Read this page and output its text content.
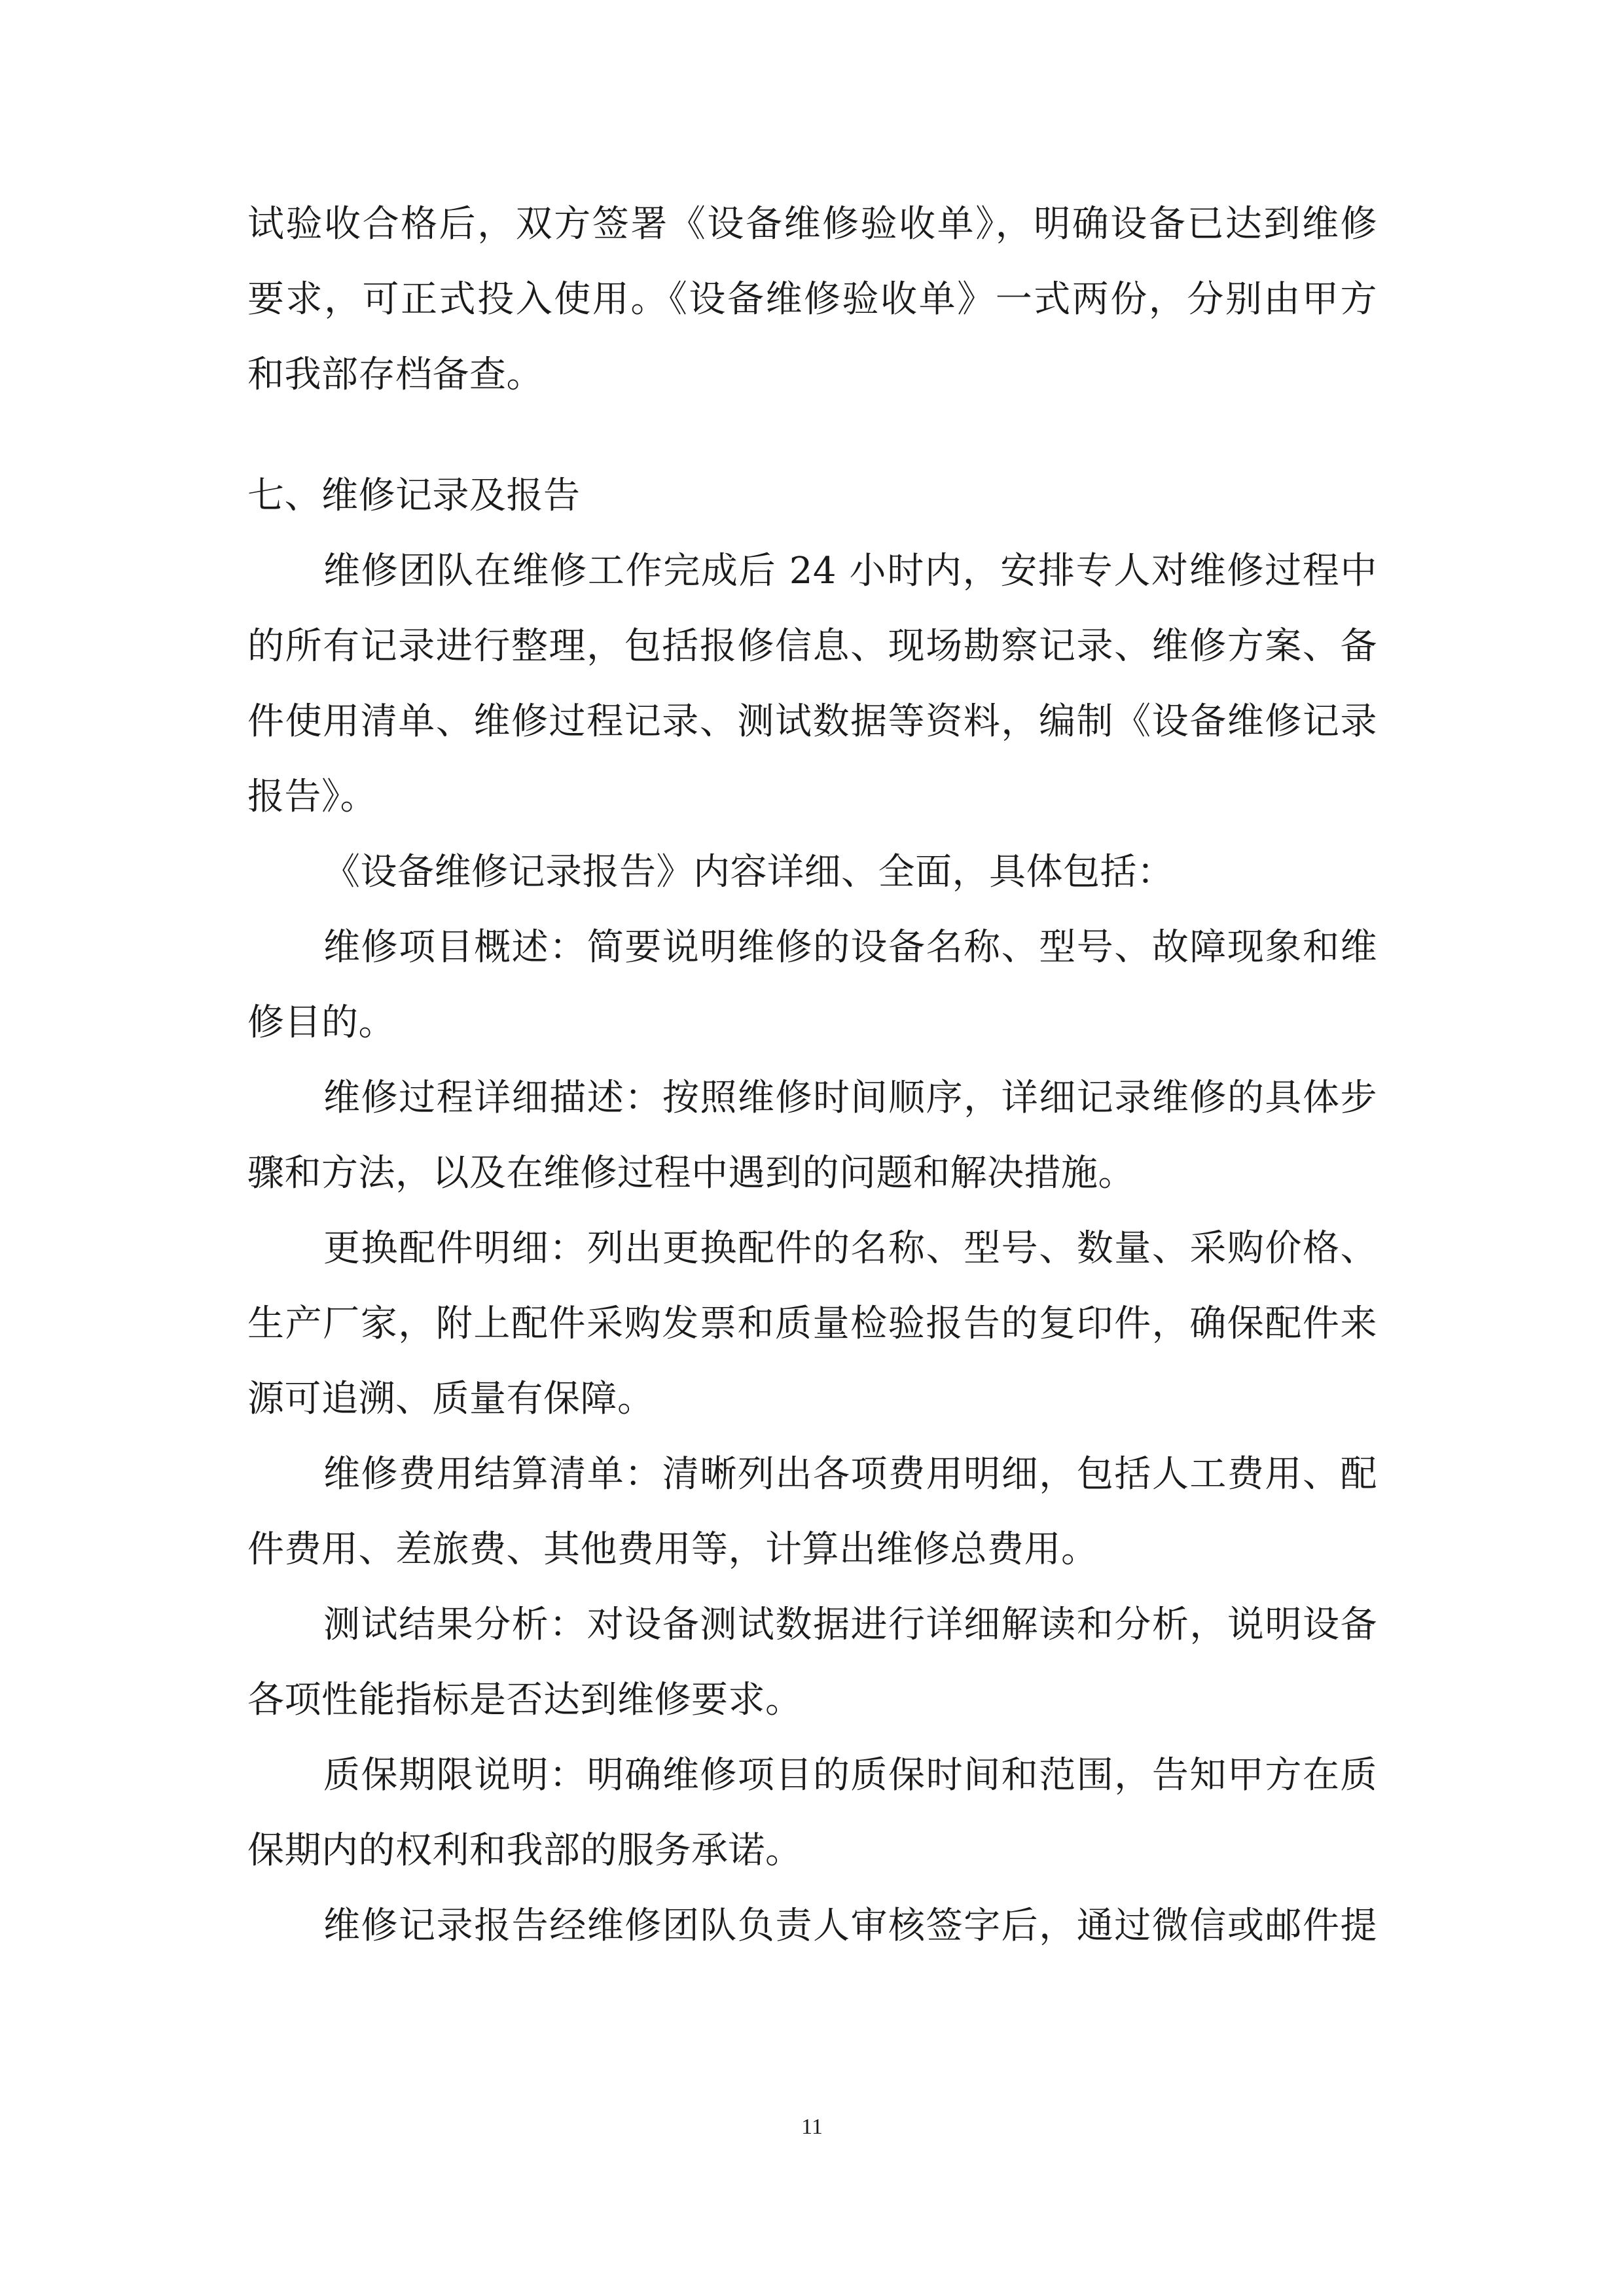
试验收合格后，双方签署《设备维修验收单》，明确设备已达到维修
要求，可正式投入使用。《设备维修验收单》一式两份，分别由甲方
和我部存档备查。
七、维修记录及报告
维修团队在维修工作完成后 24 小时内，安排专人对维修过程中
的所有记录进行整理，包括报修信息、现场勘察记录、维修方案、备
件使用清单、维修过程记录、测试数据等资料，编制《设备维修记录
报告》。
《设备维修记录报告》内容详细、全面，具体包括：
维修项目概述：简要说明维修的设备名称、型号、故障现象和维
修目的。
维修过程详细描述：按照维修时间顺序，详细记录维修的具体步
骤和方法，以及在维修过程中遇到的问题和解决措施。
更换配件明细：列出更换配件的名称、型号、数量、采购价格、
生产厂家，附上配件采购发票和质量检验报告的复印件，确保配件来
源可追溯、质量有保障。
维修费用结算清单：清晰列出各项费用明细，包括人工费用、配
件费用、差旅费、其他费用等，计算出维修总费用。
测试结果分析：对设备测试数据进行详细解读和分析，说明设备
各项性能指标是否达到维修要求。
质保期限说明：明确维修项目的质保时间和范围，告知甲方在质
保期内的权利和我部的服务承诺。
维修记录报告经维修团队负责人审核签字后，通过微信或邮件提
11
